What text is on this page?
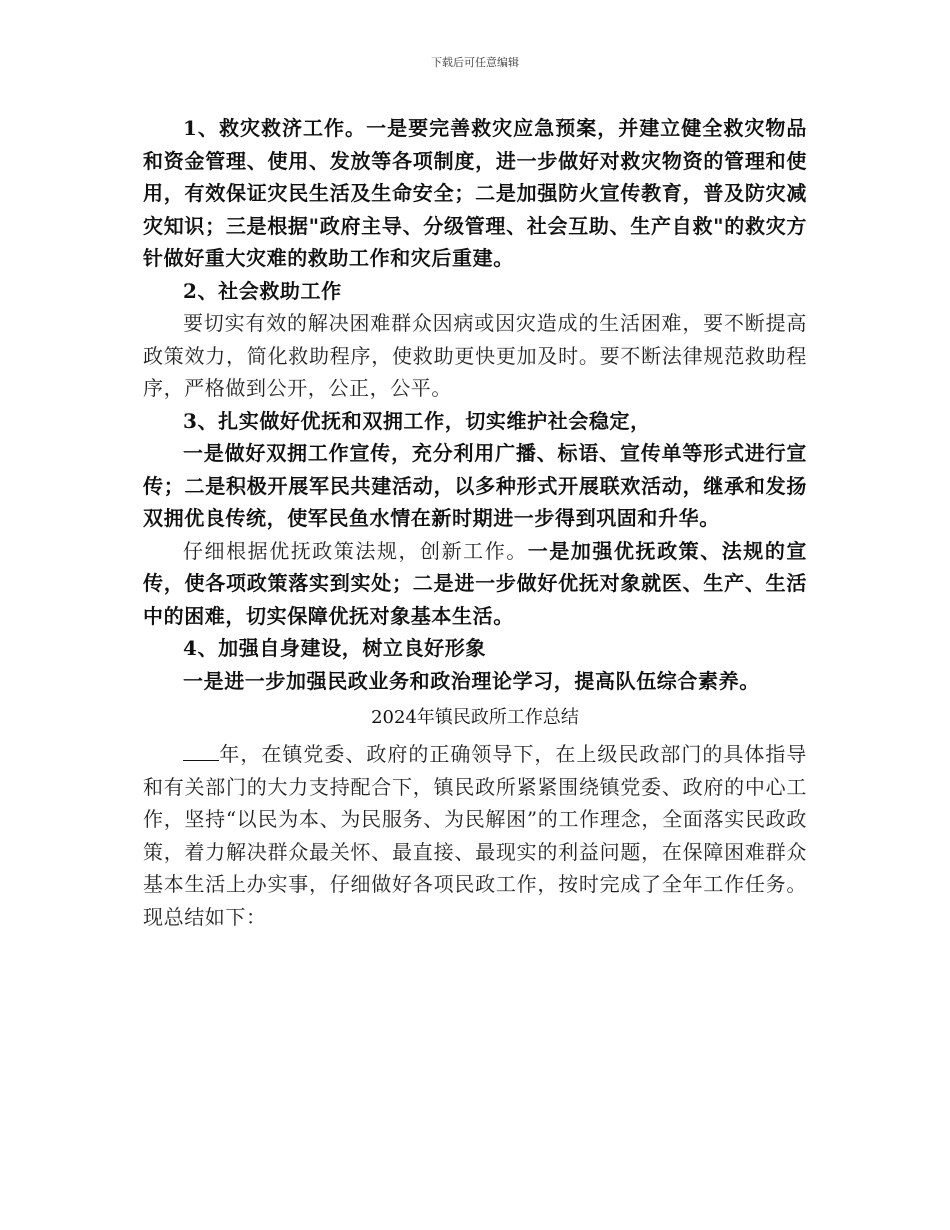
下载后可任意编辑

1、救灾救济工作。一是要完善救灾应急预案，并建立健全救灾物品和资金管理、使用、发放等各项制度，进一步做好对救灾物资的管理和使用，有效保证灾民生活及生命安全；二是加强防火宣传教育，普及防灾减灾知识；三是根据"政府主导、分级管理、社会互助、生产自救"的救灾方针做好重大灾难的救助工作和灾后重建。

2、社会救助工作

要切实有效的解决困难群众因病或因灾造成的生活困难，要不断提高政策效力，简化救助程序，使救助更快更加及时。要不断法律规范救助程序，严格做到公开，公正，公平。

3、扎实做好优抚和双拥工作，切实维护社会稳定，

一是做好双拥工作宣传，充分利用广播、标语、宣传单等形式进行宣传；二是积极开展军民共建活动，以多种形式开展联欢活动，继承和发扬双拥优良传统，使军民鱼水情在新时期进一步得到巩固和升华。

仔细根据优抚政策法规，创新工作。一是加强优抚政策、法规的宣传，使各项政策落实到实处；二是进一步做好优抚对象就医、生产、生活中的困难，切实保障优抚对象基本生活。

4、加强自身建设，树立良好形象

一是进一步加强民政业务和政治理论学习，提高队伍综合素养。

2024年镇民政所工作总结

年，在镇党委、政府的正确领导下，在上级民政部门的具体指导和有关部门的大力支持配合下，镇民政所紧紧围绕镇党委、政府的中心工作，坚持“以民为本、为民服务、为民解困”的工作理念，全面落实民政政策，着力解决群众最关怀、最直接、最现实的利益问题，在保障困难群众基本生活上办实事，仔细做好各项民政工作，按时完成了全年工作任务。现总结如下：
